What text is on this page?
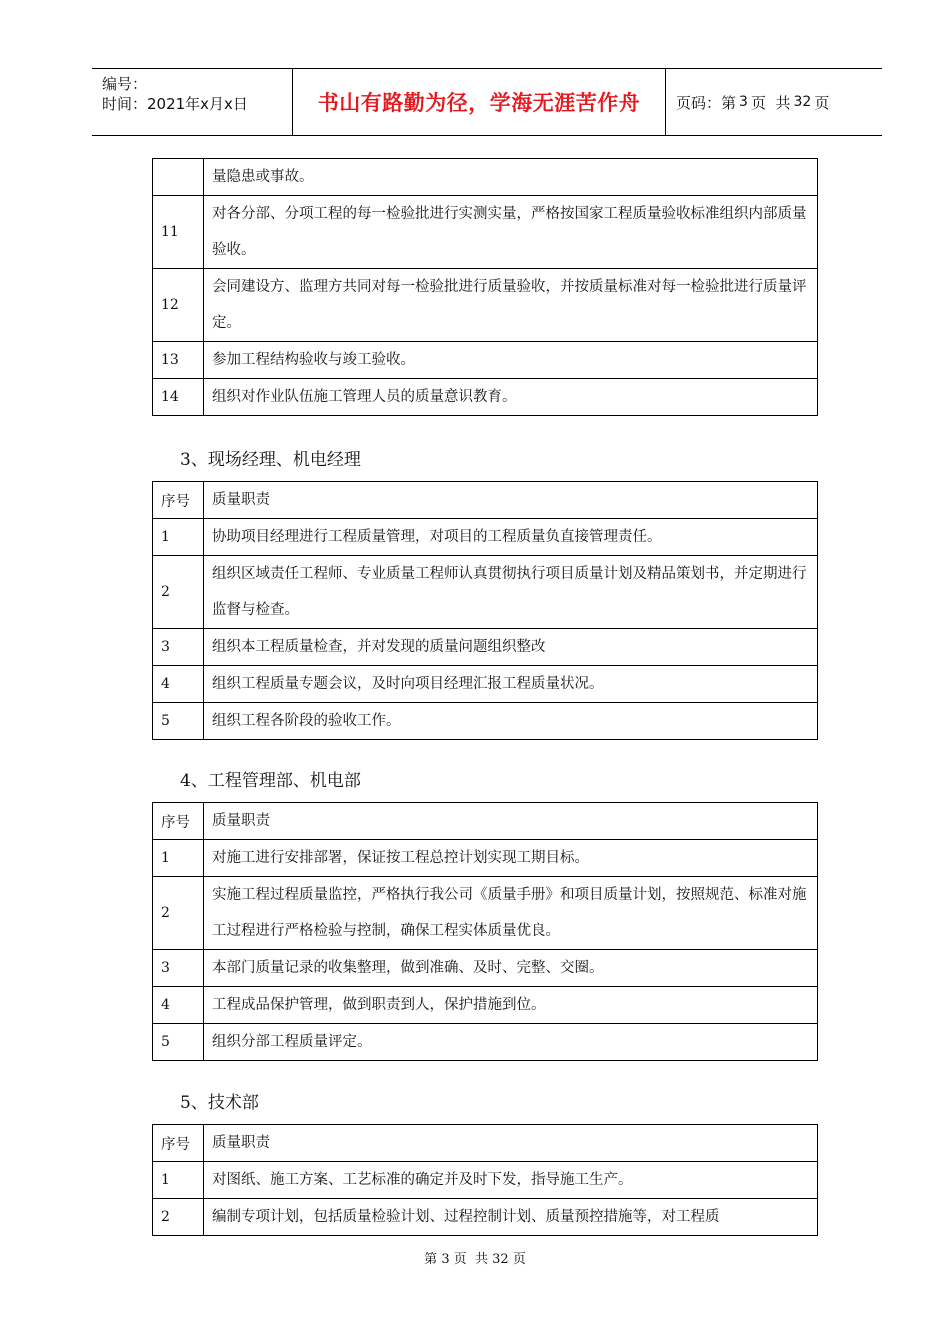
编号：
时间：2021年x月x日	书山有路勤为径，学海无涯苦作舟	页码：第 3 页  共 32 页
	量隐患或事故。
11	对各分部、分项工程的每一检验批进行实测实量，严格按国家工程质量验收标准组织内部质量验收。
12	会同建设方、监理方共同对每一检验批进行质量验收，并按质量标准对每一检验批进行质量评定。
13	参加工程结构验收与竣工验收。
14	组织对作业队伍施工管理人员的质量意识教育。
3、现场经理、机电经理
序号	质量职责
1	协助项目经理进行工程质量管理，对项目的工程质量负直接管理责任。
2	组织区域责任工程师、专业质量工程师认真贯彻执行项目质量计划及精品策划书，并定期进行监督与检查。
3	组织本工程质量检查，并对发现的质量问题组织整改
4	组织工程质量专题会议，及时向项目经理汇报工程质量状况。
5	组织工程各阶段的验收工作。
4、工程管理部、机电部
序号	质量职责
1	对施工进行安排部署，保证按工程总控计划实现工期目标。
2	实施工程过程质量监控，严格执行我公司《质量手册》和项目质量计划，按照规范、标准对施工过程进行严格检验与控制，确保工程实体质量优良。
3	本部门质量记录的收集整理，做到准确、及时、完整、交圈。
4	工程成品保护管理，做到职责到人，保护措施到位。
5	组织分部工程质量评定。
5、技术部
序号	质量职责
1	对图纸、施工方案、工艺标准的确定并及时下发，指导施工生产。
2	编制专项计划，包括质量检验计划、过程控制计划、质量预控措施等，对工程质
第 3 页  共 32 页
